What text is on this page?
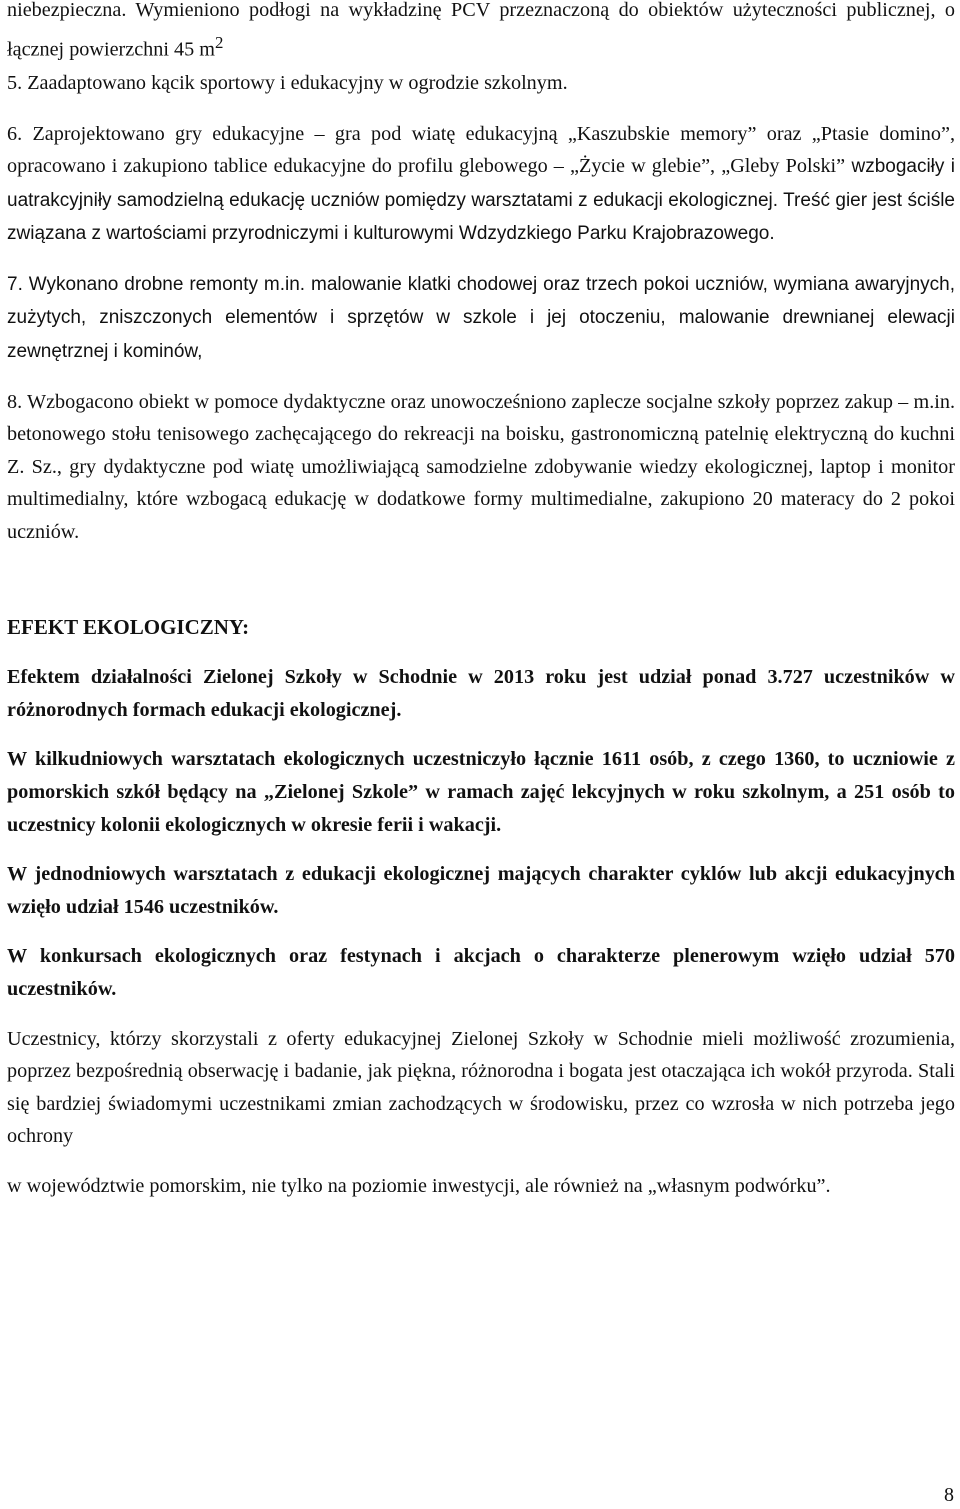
niebezpieczna. Wymieniono podłogi na wykładzinę PCV przeznaczoną do obiektów użyteczności publicznej, o łącznej powierzchni 45 $m^2$

5. Zaadaptowano kącik sportowy i edukacyjny w ogrodzie szkolnym.

6. Zaprojektowano gry edukacyjne – gra pod wiatę edukacyjną „Kaszubskie memory” oraz „Ptasie domino”, opracowano i zakupiono tablice edukacyjne do profilu glebowego – „Życie w glebie”, „Gleby Polski” wzbogaciły i uatrakcyjniły samodzielną edukację uczniów pomiędzy warsztatami z edukacji ekologicznej. Treść gier jest ściśle związana z wartościami przyrodniczymi i kulturowymi Wdzydzkiego Parku Krajobrazowego.

7. Wykonano drobne remonty m.in. malowanie klatki chodowej oraz trzech pokoi uczniów, wymiana awaryjnych, zużytych, zniszczonych elementów i sprzętów w szkole i jej otoczeniu, malowanie drewnianej elewacji zewnętrznej i kominów,

8. Wzbogacono obiekt w pomoce dydaktyczne oraz unowocześniono zaplecze socjalne szkoły poprzez zakup – m.in. betonowego stołu tenisowego zachęcającego do rekreacji na boisku, gastronomiczną patelnię elektryczną do kuchni Z. Sz., gry dydaktyczne pod wiatę umożliwiającą samodzielne zdobywanie wiedzy ekologicznej, laptop i monitor multimedialny, które wzbogacą edukację w dodatkowe formy multimedialne, zakupiono 20 materacy do 2 pokoi uczniów.

EFEKT EKOLOGICZNY:

Efektem działalności Zielonej Szkoły w Schodnie w 2013 roku jest udział ponad 3.727 uczestników w różnorodnych formach edukacji ekologicznej.

W kilkudniowych warsztatach ekologicznych uczestniczyło łącznie 1611 osób, z czego 1360, to uczniowie z pomorskich szkół będący na „Zielonej Szkole” w ramach zajęć lekcyjnych w roku szkolnym, a 251 osób to uczestnicy kolonii ekologicznych w okresie ferii i wakacji.

W jednodniowych warsztatach z edukacji ekologicznej mających charakter cyklów lub akcji edukacyjnych wzięło udział 1546 uczestników.

W konkursach ekologicznych oraz festynach i akcjach o charakterze plenerowym wzięło udział 570 uczestników.

Uczestnicy, którzy skorzystali z oferty edukacyjnej Zielonej Szkoły w Schodnie mieli możliwość zrozumienia, poprzez bezpośrednią obserwację i badanie, jak piękna, różnorodna i bogata jest otaczająca ich wokół przyroda. Stali się bardziej świadomymi uczestnikami zmian zachodzących w środowisku, przez co wzrosła w nich potrzeba jego ochrony

w województwie pomorskim, nie tylko na poziomie inwestycji, ale również na „własnym podwórku”.

8
